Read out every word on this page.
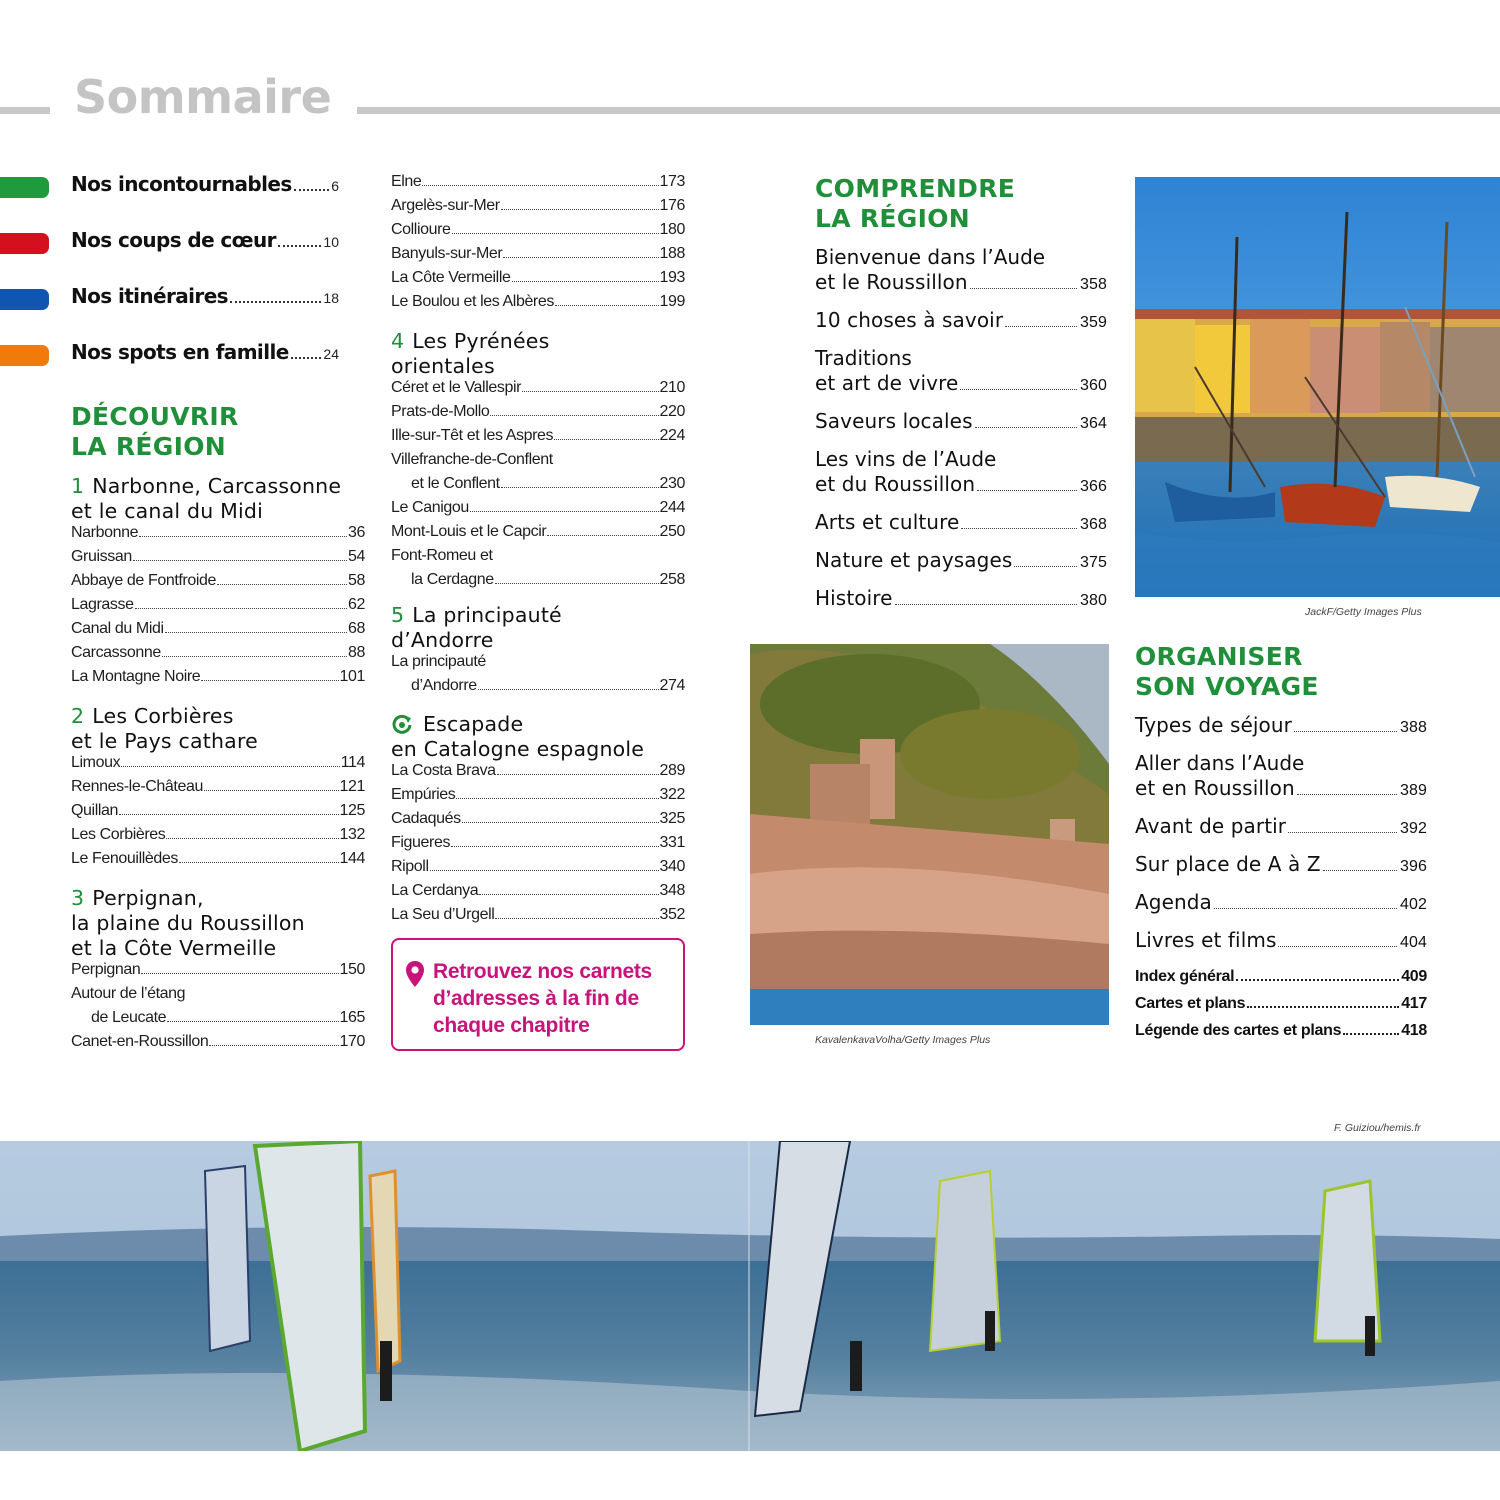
Sommaire
Nos incontournables	6
Nos coups de cœur	10
Nos itinéraires	18
Nos spots en famille 24
DÉCOUVRIR
LA RÉGION
1 Narbonne, Carcassonne
et le canal du Midi
Narbonne	36
Gruissan	54
Abbaye de Fontfroide	58
Lagrasse	62
Canal du Midi	68
Carcassonne	88
La Montagne Noire	101
2 Les Corbières
et le Pays cathare
Limoux	114
Rennes-le-Château	121
Quillan	125
Les Corbières	132
Le Fenouillèdes	144
3 Perpignan,
la plaine du Roussillon
et la Côte Vermeille
Perpignan	150
Autour de l’étang
de Leucate	165
Canet-en-Roussillon	170
Elne	173
Argelès-sur-Mer	176
Collioure	180
Banyuls-sur-Mer	188
La Côte Vermeille	193
Le Boulou et les Albères	199
4 Les Pyrénées
orientales
Céret et le Vallespir	210
Prats-de-Mollo	220
Ille-sur-Têt et les Aspres	224
Villefranche-de-Conflent
et le Conflent	230
Le Canigou	244
Mont-Louis et le Capcir	250
Font-Romeu et
la Cerdagne	258
5 La principauté
d’Andorre
La principauté
d’Andorre	274
Escapade
en Catalogne espagnole
La Costa Brava	289
Empúries	322
Cadaqués	325
Figueres	331
Ripoll	340
La Cerdanya	348
La Seu d’Urgell	352
Retrouvez nos carnets
d’adresses à la fin de
chaque chapitre
COMPRENDRE
LA RÉGION
Bienvenue dans l’Aude
et le Roussillon	358
10 choses à savoir	359
Traditions
et art de vivre	360
Saveurs locales	364
Les vins de l’Aude
et du Roussillon	366
Arts et culture	368
Nature et paysages	375
Histoire	380
JackF/Getty Images Plus
ORGANISER
SON VOYAGE
Types de séjour	388
Aller dans l’Aude
et en Roussillon	389
Avant de partir	392
Sur place de A à Z	396
Agenda	402
Livres et films	404
Index général	409
Cartes et plans	417
Légende des cartes et plans	418
KavalenkavaVolha/Getty Images Plus
F. Guiziou/hemis.fr
